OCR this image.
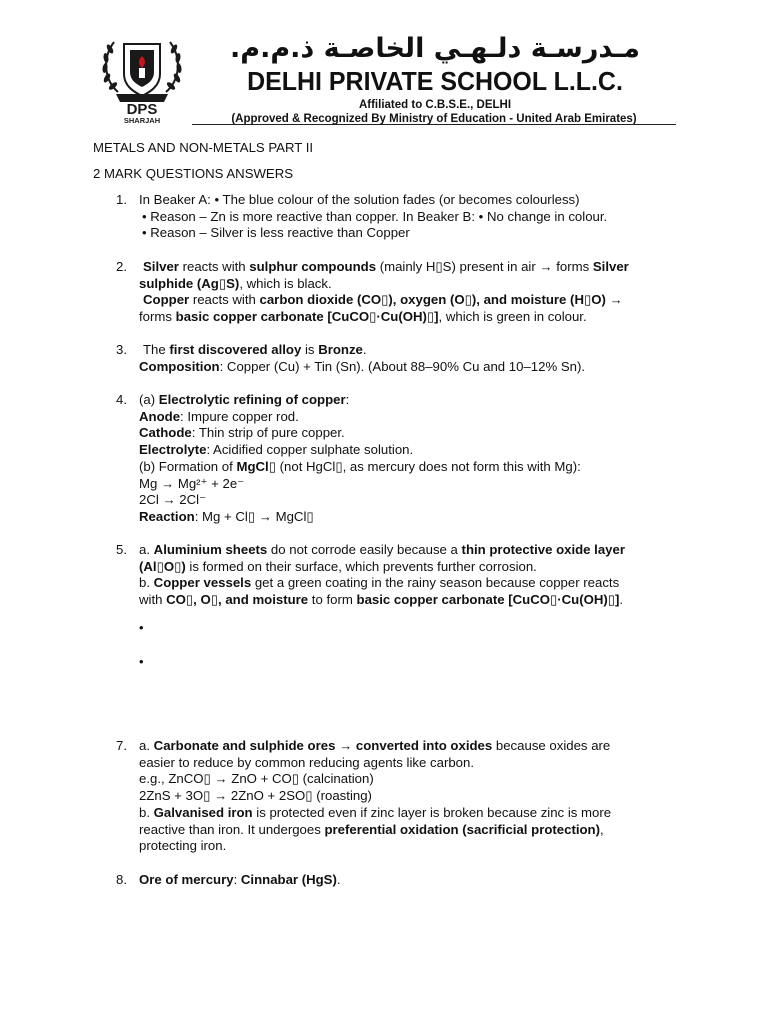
DPS
SHARJAH
مـدرسـة دلـهـي الخاصـة ذ.م.م.
DELHI PRIVATE SCHOOL L.L.C.
Affiliated to C.B.S.E., DELHI
(Approved & Recognized By Ministry of Education - United Arab Emirates)
METALS AND NON-METALS PART II
2 MARK QUESTIONS ANSWERS
1. In Beaker A: • The blue colour of the solution fades (or becomes colourless)
• Reason – Zn is more reactive than copper. In Beaker B: • No change in colour.
• Reason – Silver is less reactive than Copper
2.	Silver reacts with sulphur compounds (mainly H▯S) present in air → forms Silver
sulphide (Ag▯S), which is black.
Copper reacts with carbon dioxide (CO▯), oxygen (O▯), and moisture (H▯O) →
forms basic copper carbonate [CuCO▯·Cu(OH)▯], which is green in colour.
3.	The first discovered alloy is Bronze.
Composition: Copper (Cu) + Tin (Sn). (About 88–90% Cu and 10–12% Sn).
4. (a) Electrolytic refining of copper:
Anode: Impure copper rod.
Cathode: Thin strip of pure copper.
Electrolyte: Acidified copper sulphate solution.
(b) Formation of MgCl▯ (not HgCl▯, as mercury does not form this with Mg):
Mg → Mg²⁺ + 2e⁻
2Cl → 2Cl⁻
Reaction: Mg + Cl▯ → MgCl▯
5. a. Aluminium sheets do not corrode easily because a thin protective oxide layer
(Al▯O▯) is formed on their surface, which prevents further corrosion.
b. Copper vessels get a green coating in the rainy season because copper reacts
with CO▯, O▯, and moisture to form basic copper carbonate [CuCO▯·Cu(OH)▯].
•
•
7. a. Carbonate and sulphide ores → converted into oxides because oxides are
easier to reduce by common reducing agents like carbon.
e.g., ZnCO▯ → ZnO + CO▯ (calcination)
2ZnS + 3O▯ → 2ZnO + 2SO▯ (roasting)
b. Galvanised iron is protected even if zinc layer is broken because zinc is more
reactive than iron. It undergoes preferential oxidation (sacrificial protection),
protecting iron.
8. Ore of mercury: Cinnabar (HgS).
